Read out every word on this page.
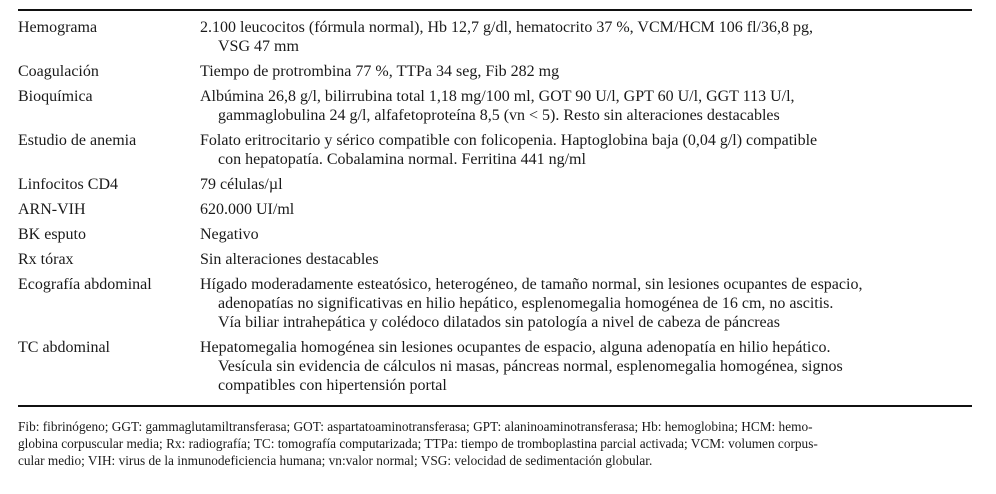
Hemograma	2.100 leucocitos (fórmula normal), Hb 12,7 g/dl, hematocrito 37 %, VCM/HCM 106 fl/36,8 pg,
VSG 47 mm

Coagulación	Tiempo de protrombina 77 %, TTPa 34 seg, Fib 282 mg

Bioquímica	Albúmina 26,8 g/l, bilirrubina total 1,18 mg/100 ml, GOT 90 U/l, GPT 60 U/l, GGT 113 U/l,
gammaglobulina 24 g/l, alfafetoproteína 8,5 (vn < 5). Resto sin alteraciones destacables

Estudio de anemia	Folato eritrocitario y sérico compatible con folicopenia. Haptoglobina baja (0,04 g/l) compatible
con hepatopatía. Cobalamina normal. Ferritina 441 ng/ml

Linfocitos CD4	79 células/µl

ARN-VIH	620.000 UI/ml

BK esputo	Negativo

Rx tórax	Sin alteraciones destacables

Ecografía abdominal	Hígado moderadamente esteatósico, heterogéneo, de tamaño normal, sin lesiones ocupantes de espacio,
adenopatías no significativas en hilio hepático, esplenomegalia homogénea de 16 cm, no ascitis.
Vía biliar intrahepática y colédoco dilatados sin patología a nivel de cabeza de páncreas

TC abdominal	Hepatomegalia homogénea sin lesiones ocupantes de espacio, alguna adenopatía en hilio hepático.
Vesícula sin evidencia de cálculos ni masas, páncreas normal, esplenomegalia homogénea, signos
compatibles con hipertensión portal
Fib: fibrinógeno; GGT: gammaglutamiltransferasa; GOT: aspartatoaminotransferasa; GPT: alaninoaminotransferasa; Hb: hemoglobina; HCM: hemo-
globina corpuscular media; Rx: radiografía; TC: tomografía computarizada; TTPa: tiempo de tromboplastina parcial activada; VCM: volumen corpus-
cular medio; VIH: virus de la inmunodeficiencia humana; vn:valor normal; VSG: velocidad de sedimentación globular.
